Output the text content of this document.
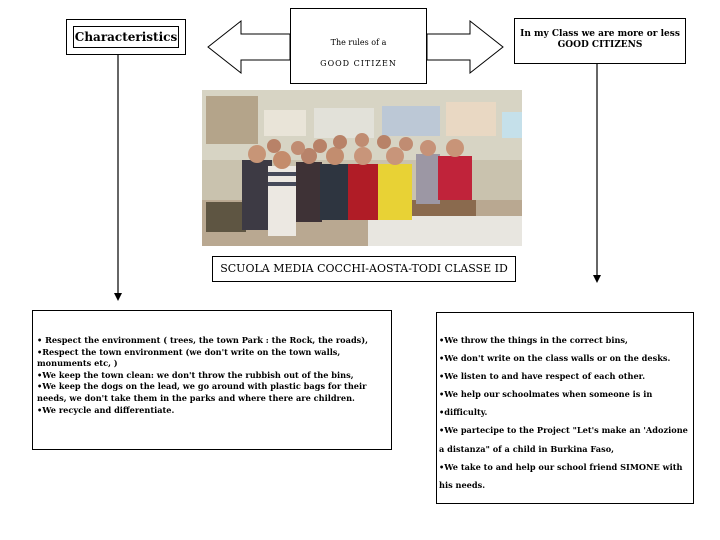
Characteristics	The rules of a
GOOD CITIZEN
In my Class we are more or less GOOD CITIZENS
SCUOLA MEDIA COCCHI-AOSTA-TODI CLASSE ID

• Respect the environment ( trees, the town Park : the Rock, the roads),

•Respect the town environment (we don't write on the town walls, monuments etc, )

•We keep the town clean: we don't throw the rubbish out of the bins,

•We keep the dogs on the lead, we go around with plastic bags for their needs, we don't take them in the parks and where there are children.

•We recycle and differentiate.

•We throw the things in the correct bins,

•We don't write on the class walls or on the desks.

•We listen to and have respect of each other.

•We help our schoolmates when someone is in

•difficulty.

•We partecipe to the Project "Let's make an 'Adozione a distanza" of a child in Burkina Faso,

•We take to and help our school friend SIMONE with his needs.
